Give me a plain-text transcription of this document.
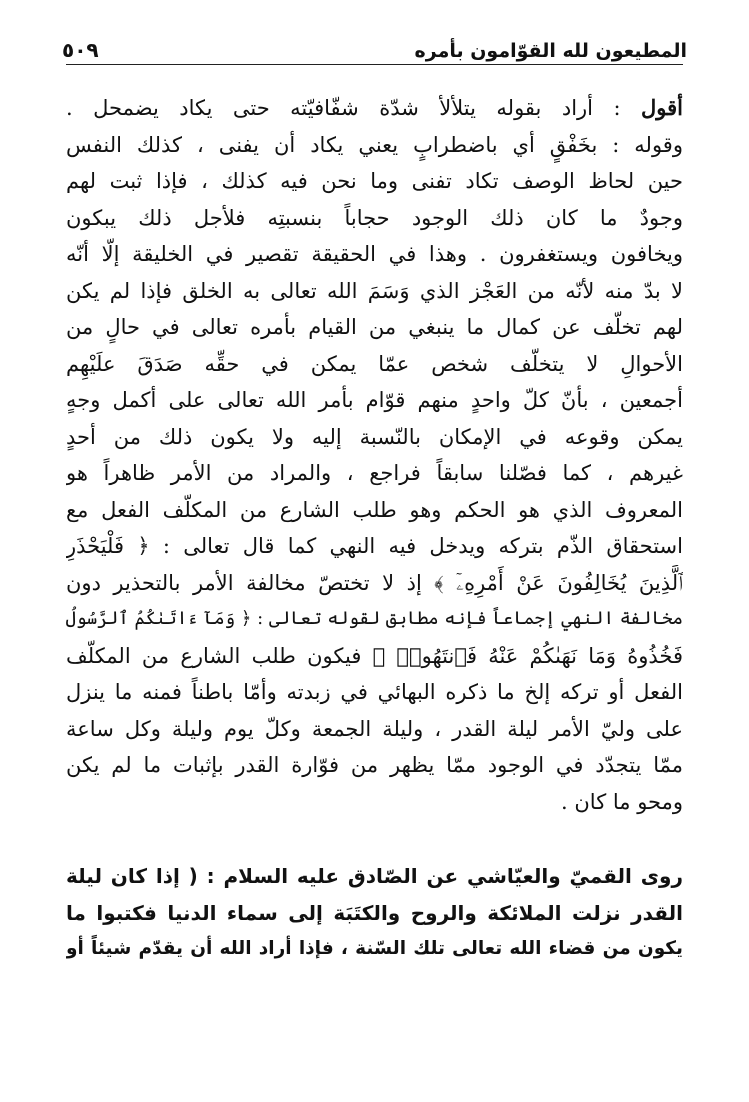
المطيعون لله القوّامون بأمره
٥٠٩
أقول : أراد بقوله يتلألأ شدّة شفّافيّته حتى يكاد يضمحل .
وقوله : بخَفْقٍ أي باضطرابٍ يعني يكاد أن يفنى ، كذلك النفس
حين لحاظ الوصف تكاد تفنى وما نحن فيه كذلك ، فإذا ثبت لهم
وجودٌ ما كان ذلك الوجود حجاباً بنسبتِه فلأجل ذلك يبكون
ويخافون ويستغفرون . وهذا في الحقيقة تقصير في الخليقة إلّا أنّه
لا بدّ منه لأنّه من العَجْز الذي وَسَمَ الله تعالى به الخلق فإذا لم يكن
لهم تخلّف عن كمال ما ينبغي من القيام بأمره تعالى في حالٍ من
الأحوالِ لا يتخلّف شخص عمّا يمكن في حقِّه صَدَقَ علَيْهِم
أجمعين ، بأنّ كلّ واحدٍ منهم قوّام بأمر الله تعالى على أكمل وجهٍ
يمكن وقوعه في الإمكان بالنّسبة إليه ولا يكون ذلك من أحدٍ
غيرهم ، كما فصّلنا سابقاً فراجع ، والمراد من الأمر ظاهراً هو
المعروف الذي هو الحكم وهو طلب الشارع من المكلّف الفعل مع
استحقاق الذّم بتركه ويدخل فيه النهي كما قال تعالى : ﴿ فَلْيَحْذَرِ
ٱلَّذِينَ يُخَالِفُونَ عَنْ أَمْرِهِۦٓ ﴾ إذ لا تختصّ مخالفة الأمر بالتحذير دون
مخالفة النهي إجماعاً فإنه مطابق لقوله تعالى : ﴿ وَمَآ ءَاتَىٰكُمُ ٱلرَّسُولُ
فَخُذُوهُ وَمَا نَهَىٰكُمْ عَنْهُ فَٱنتَهُوا۟ ﴾ فيكون طلب الشارع من المكلّف
الفعل أو تركه إلخ ما ذكره البهائي في زبدته وأمّا باطناً فمنه ما ينزل
على وليّ الأمر ليلة القدر ، وليلة الجمعة وكلّ يوم وليلة وكل ساعة
ممّا يتجدّد في الوجود ممّا يظهر من فوّارة القدر بإثبات ما لم يكن
ومحو ما كان .
روى القميّ والعيّاشي عن الصّادق عليه السلام : ( إذا كان ليلة
القدر نزلت الملائكة والروح والكتَبَة إلى سماء الدنيا فكتبوا ما
يكون من قضاء الله تعالى تلك السّنة ، فإذا أراد الله أن يقدّم شيئاً أو
